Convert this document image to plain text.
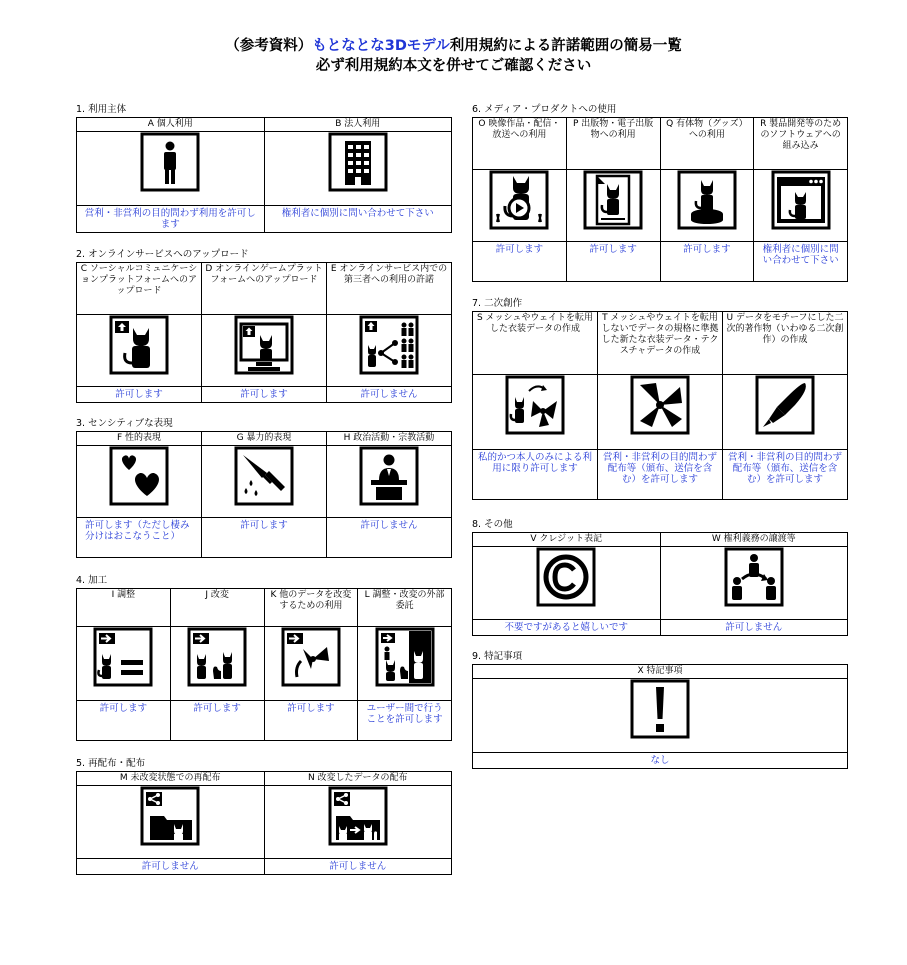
（参考資料）もとなとな3Dモデル利用規約による許諾範囲の簡易一覧
必ず利用規約本文を併せてご確認ください
1. 利用主体
A 個人利用	B 法人利用

営利・非営利の目的問わず利用を許可します	権利者に個別に問い合わせて下さい
2. オンラインサービスへのアップロード
C ソーシャルコミュニケーションプラットフォームへのアップロード	D オンラインゲームプラットフォームへのアップロード	E オンラインサービス内での第三者への利用の許諾

許可します	許可します	許可しません
3. センシティブな表現
F 性的表現	G 暴力的表現	H 政治活動・宗教活動

許可します（ただし棲み分けはおこなうこと）	許可します	許可しません
4. 加工
I 調整	J 改変	K 他のデータを改変するための利用	L 調整・改変の外部委託

許可します	許可します	許可します	ユーザー間で行うことを許可します
5. 再配布・配布
M 未改変状態での再配布	N 改変したデータの配布

許可しません	許可しません
6. メディア・プロダクトへの使用
O 映像作品・配信・放送への利用	P 出版物・電子出版物への利用	Q 有体物（グッズ）への利用	R 製品開発等のためのソフトウェアへの組み込み

許可します	許可します	許可します	権利者に個別に問い合わせて下さい
7. 二次創作
S メッシュやウェイトを転用した衣装データの作成	T メッシュやウェイトを転用しないでデータの規格に準拠した新たな衣装データ・テクスチャデータの作成	U データをモチーフにした二次的著作物（いわゆる二次創作）の作成

私的かつ本人のみによる利用に限り許可します	営利・非営利の目的問わず配布等（頒布、送信を含む）を許可します	営利・非営利の目的問わず配布等（頒布、送信を含む）を許可します
8. その他
V クレジット表記	W 権利義務の譲渡等

不要ですがあると嬉しいです	許可しません
9. 特記事項
X 特記事項

なし
